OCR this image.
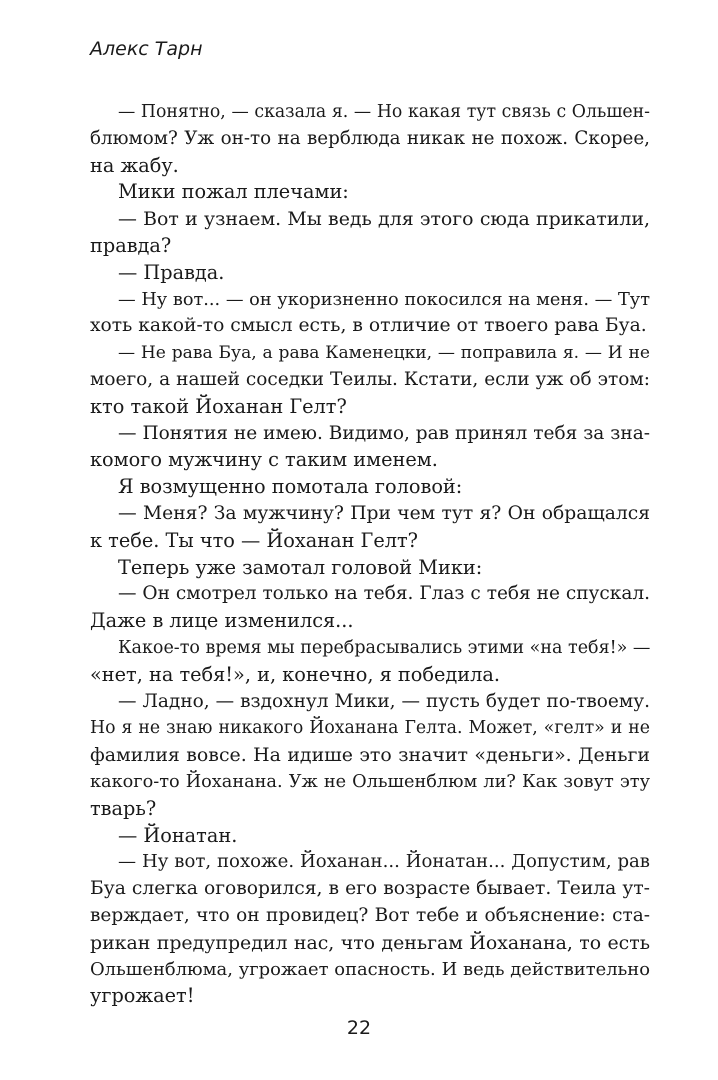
Алекс Тарн
— Понятно, — сказала я. — Но какая тут связь с Ольшен-
блюмом? Уж он-то на верблюда никак не похож. Скорее,
на жабу.
Мики пожал плечами:
— Вот и узнаем. Мы ведь для этого сюда прикатили,
правда?
— Правда.
— Ну вот... — он укоризненно покосился на меня. — Тут
хоть какой-то смысл есть, в отличие от твоего рава Буа.
— Не рава Буа, а рава Каменецки, — поправила я. — И не
моего, а нашей соседки Теилы. Кстати, если уж об этом:
кто такой Йоханан Гелт?
— Понятия не имею. Видимо, рав принял тебя за зна-
комого мужчину с таким именем.
Я возмущенно помотала головой:
— Меня? За мужчину? При чем тут я? Он обращался
к тебе. Ты что — Йоханан Гелт?
Теперь уже замотал головой Мики:
— Он смотрел только на тебя. Глаз с тебя не спускал.
Даже в лице изменился...
Какое-то время мы перебрасывались этими «на тебя!» —
«нет, на тебя!», и, конечно, я победила.
— Ладно, — вздохнул Мики, — пусть будет по-твоему.
Но я не знаю никакого Йоханана Гелта. Может, «гелт» и не
фамилия вовсе. На идише это значит «деньги». Деньги
какого-то Йоханана. Уж не Ольшенблюм ли? Как зовут эту
тварь?
— Йонатан.
— Ну вот, похоже. Йоханан... Йонатан... Допустим, рав
Буа слегка оговорился, в его возрасте бывает. Теила ут-
верждает, что он провидец? Вот тебе и объяснение: ста-
рикан предупредил нас, что деньгам Йоханана, то есть
Ольшенблюма, угрожает опасность. И ведь действительно
угрожает!
22
